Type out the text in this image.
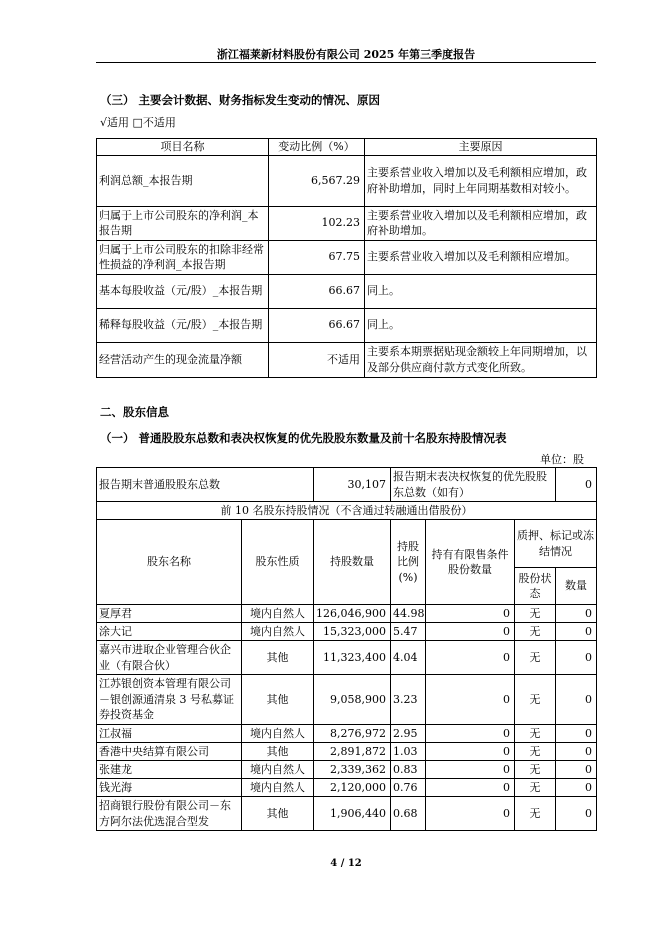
浙江福莱新材料股份有限公司 2025 年第三季度报告
（三） 主要会计数据、财务指标发生变动的情况、原因
√适用 □不适用
项目名称	变动比例（%）	主要原因
利润总额_本报告期	6,567.29	主要系营业收入增加以及毛利额相应增加，政府补助增加，同时上年同期基数相对较小。
归属于上市公司股东的净利润_本报告期	102.23	主要系营业收入增加以及毛利额相应增加，政府补助增加。
归属于上市公司股东的扣除非经常性损益的净利润_本报告期	67.75	主要系营业收入增加以及毛利额相应增加。
基本每股收益（元/股）_本报告期	66.67	同上。
稀释每股收益（元/股）_本报告期	66.67	同上。
经营活动产生的现金流量净额	不适用	主要系本期票据贴现金额较上年同期增加，以及部分供应商付款方式变化所致。
二、股东信息
（一） 普通股股东总数和表决权恢复的优先股股东数量及前十名股东持股情况表
单位：股
报告期末普通股股东总数		30,107	报告期末表决权恢复的优先股股东总数（如有）			0
前 10 名股东持股情况（不含通过转融通出借股份）						
股东名称	股东性质	持股数量	持股比例(%)	持有有限售条件股份数量	质押、标记或冻结情况	
					股份状态	数量
夏厚君	境内自然人	126,046,900	44.98	0	无	0
涂大记	境内自然人	15,323,000	5.47	0	无	0
嘉兴市进取企业管理合伙企业（有限合伙）	其他	11,323,400	4.04	0	无	0
江苏银创资本管理有限公司－银创源通清泉 3 号私募证券投资基金	其他	9,058,900	3.23	0	无	0
江叔福	境内自然人	8,276,972	2.95	0	无	0
香港中央结算有限公司	其他	2,891,872	1.03	0	无	0
张建龙	境内自然人	2,339,362	0.83	0	无	0
钱光海	境内自然人	2,120,000	0.76	0	无	0
招商银行股份有限公司－东方阿尔法优选混合型发	其他	1,906,440	0.68	0	无	0
4 / 12
